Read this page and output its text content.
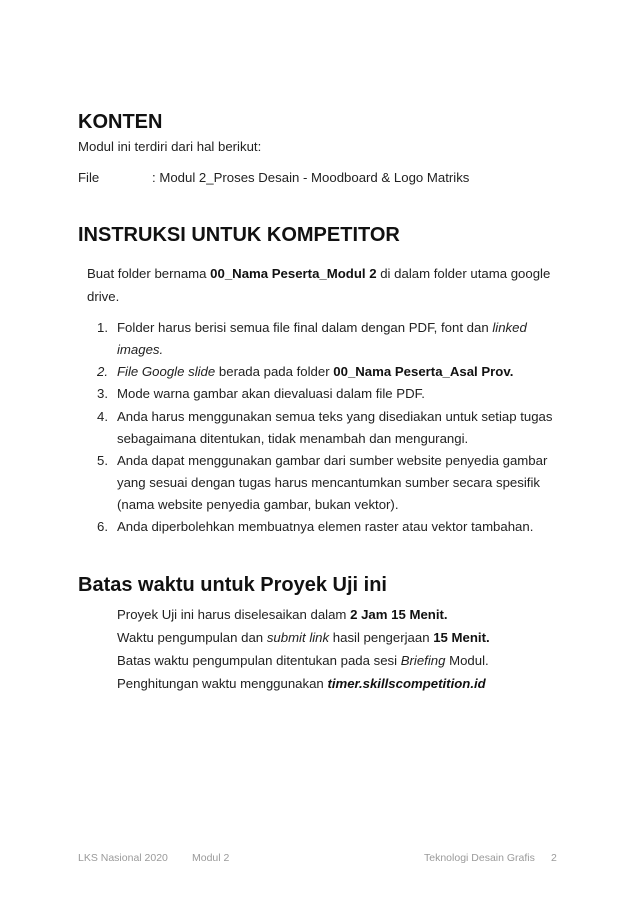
KONTEN
Modul ini terdiri dari hal berikut:
File	: Modul 2_Proses Desain - Moodboard & Logo Matriks
INSTRUKSI UNTUK KOMPETITOR
Buat folder bernama 00_Nama Peserta_Modul 2 di dalam folder utama google
drive.
1. Folder harus berisi semua file final dalam dengan PDF, font dan linked
images.
2. File Google slide berada pada folder 00_Nama Peserta_Asal Prov.
3. Mode warna gambar akan dievaluasi dalam file PDF.
4. Anda harus menggunakan semua teks yang disediakan untuk setiap tugas
sebagaimana ditentukan, tidak menambah dan mengurangi.
5. Anda dapat menggunakan gambar dari sumber website penyedia gambar
yang sesuai dengan tugas harus mencantumkan sumber secara spesifik
(nama website penyedia gambar, bukan vektor).
6. Anda diperbolehkan membuatnya elemen raster atau vektor tambahan.
Batas waktu untuk Proyek Uji ini
Proyek Uji ini harus diselesaikan dalam 2 Jam 15 Menit.
Waktu pengumpulan dan submit link hasil pengerjaan 15 Menit.
Batas waktu pengumpulan ditentukan pada sesi Briefing Modul.
Penghitungan waktu menggunakan timer.skillscompetition.id
LKS Nasional 2020 Modul 2	Teknologi Desain Grafis 2
